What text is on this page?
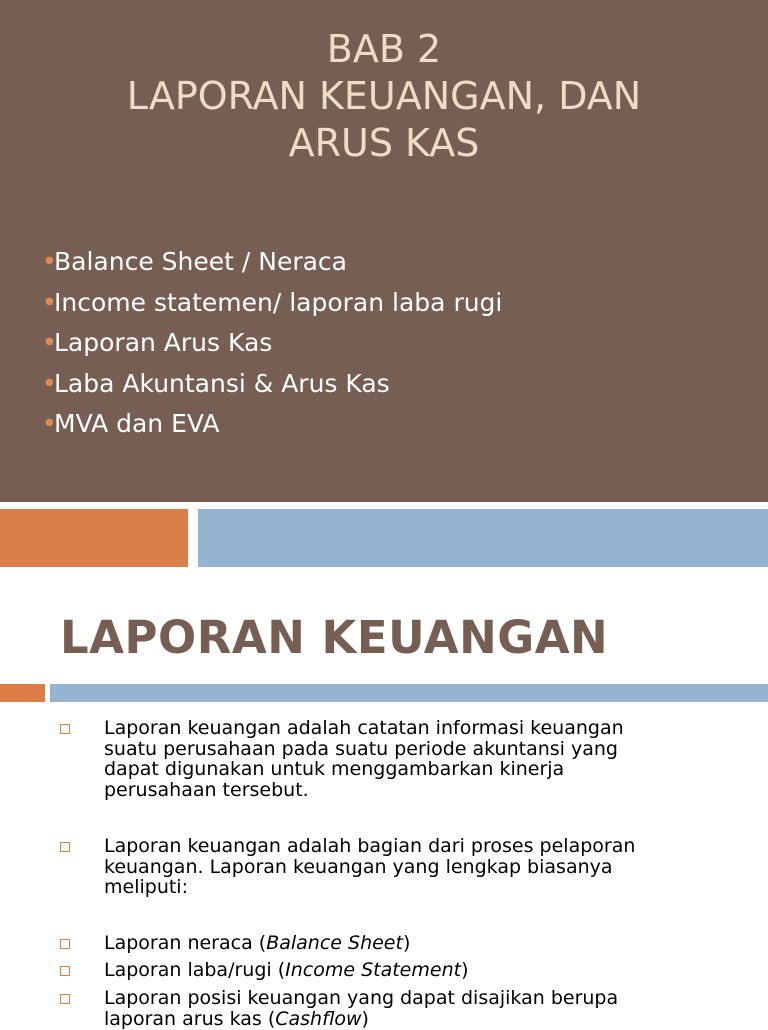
BAB 2
LAPORAN KEUANGAN, DAN
ARUS KAS
● Balance Sheet / Neraca
● Income statemen/ laporan laba rugi
● Laporan Arus Kas
● Laba Akuntansi & Arus Kas
● MVA dan EVA
LAPORAN KEUANGAN
Laporan keuangan adalah catatan informasi keuangan
suatu perusahaan pada suatu periode akuntansi yang
dapat digunakan untuk menggambarkan kinerja
perusahaan tersebut.
Laporan keuangan adalah bagian dari proses pelaporan
keuangan. Laporan keuangan yang lengkap biasanya
meliputi:
Laporan neraca (Balance Sheet)
Laporan laba/rugi (Income Statement)
Laporan posisi keuangan yang dapat disajikan berupa
laporan arus kas (Cashflow)
